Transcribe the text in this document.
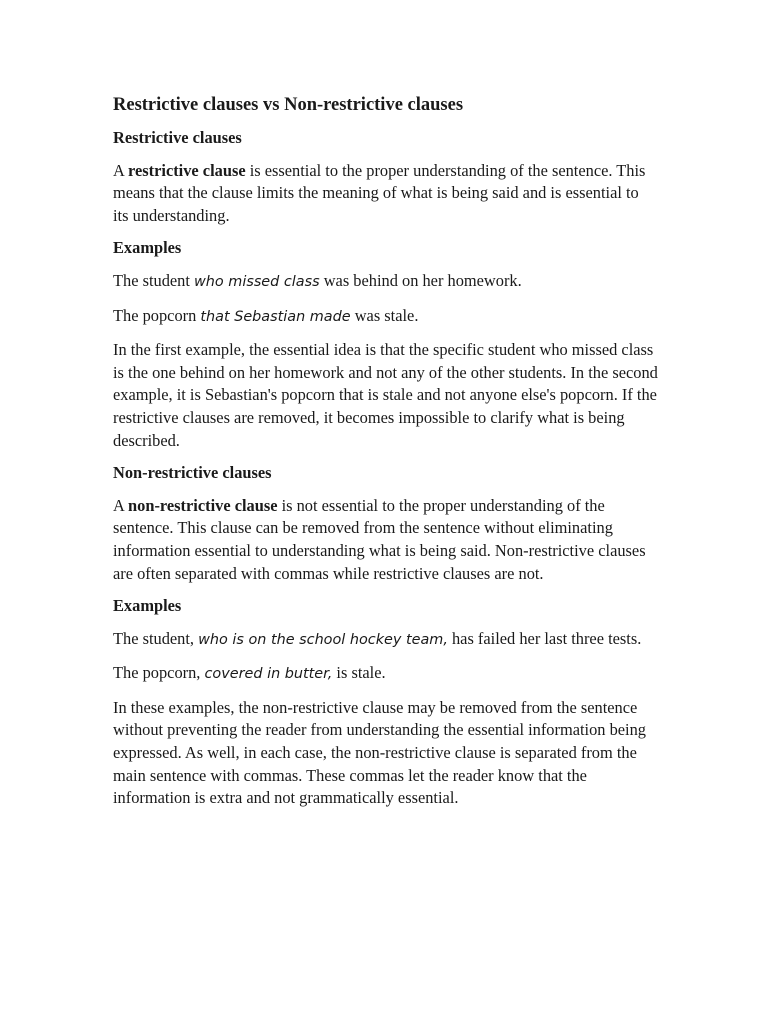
Restrictive clauses vs Non-restrictive clauses
Restrictive clauses

A restrictive clause is essential to the proper understanding of the sentence. This means that the clause limits the meaning of what is being said and is essential to its understanding.

Examples

The student who missed class was behind on her homework.

The popcorn that Sebastian made was stale.

In the first example, the essential idea is that the specific student who missed class is the one behind on her homework and not any of the other students. In the second example, it is Sebastian's popcorn that is stale and not anyone else's popcorn. If the restrictive clauses are removed, it becomes impossible to clarify what is being described.

Non-restrictive clauses

A non-restrictive clause is not essential to the proper understanding of the sentence. This clause can be removed from the sentence without eliminating information essential to understanding what is being said. Non-restrictive clauses are often separated with commas while restrictive clauses are not.

Examples

The student, who is on the school hockey team, has failed her last three tests.

The popcorn, covered in butter, is stale.

In these examples, the non-restrictive clause may be removed from the sentence without preventing the reader from understanding the essential information being expressed. As well, in each case, the non-restrictive clause is separated from the main sentence with commas. These commas let the reader know that the information is extra and not grammatically essential.
